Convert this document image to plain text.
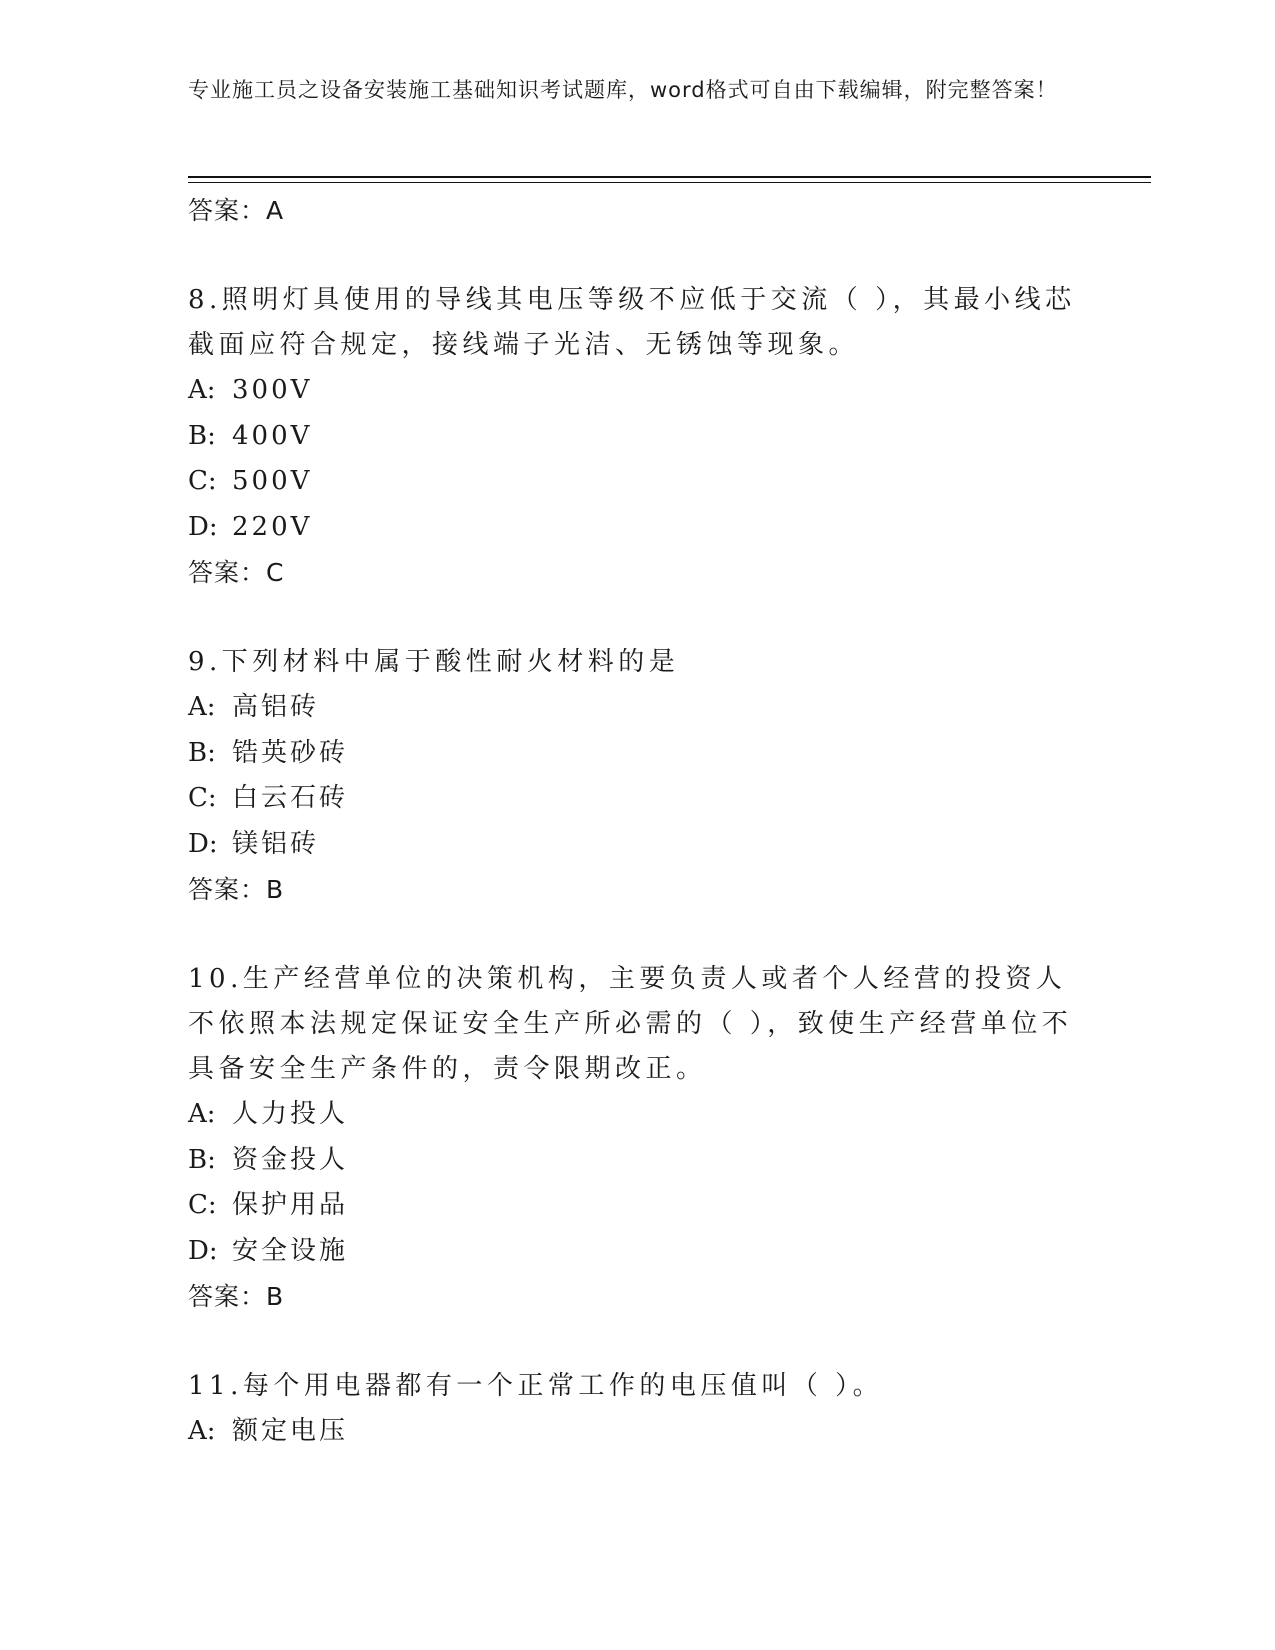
专业施工员之设备安装施工基础知识考试题库，word格式可自由下载编辑，附完整答案！
答案：A
8.照明灯具使用的导线其电压等级不应低于交流（ ），其最小线芯截面应符合规定，接线端子光洁、无锈蚀等现象。
A: 300V
B: 400V
C: 500V
D: 220V
答案：C
9.下列材料中属于酸性耐火材料的是
A: 高铝砖
B: 锆英砂砖
C: 白云石砖
D: 镁铝砖
答案：B
10.生产经营单位的决策机构，主要负责人或者个人经营的投资人不依照本法规定保证安全生产所必需的（ ），致使生产经营单位不具备安全生产条件的，责令限期改正。
A: 人力投人
B: 资金投人
C: 保护用品
D: 安全设施
答案：B
11.每个用电器都有一个正常工作的电压值叫（ ）。
A: 额定电压
